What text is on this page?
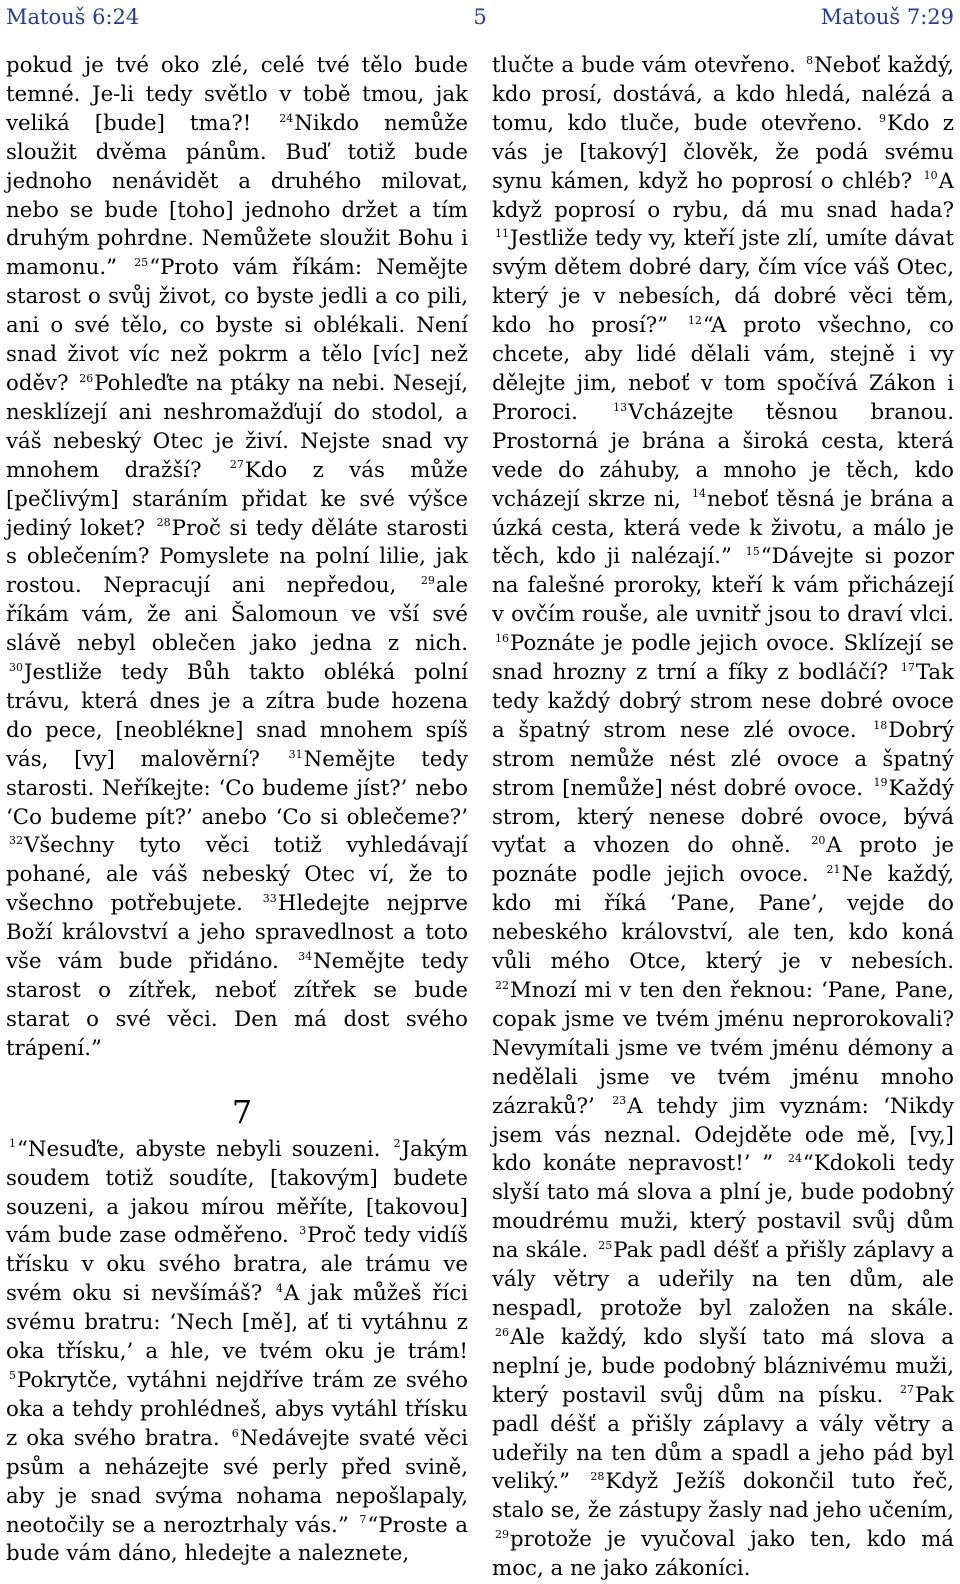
Matouš 6:24	5	Matouš 7:29

pokud je tvé oko zlé, celé tvé tělo bude temné. Je-li tedy světlo v tobě tmou, jak veliká [bude] tma?!	$^{24}$Nikdo nemůže sloužit dvěma pánům. Buď totiž bude jednoho nenávidět a druhého milovat, nebo se bude [toho] jednoho držet a tím druhým pohrdne. Nemůžete sloužit Bohu i mamonu.” $^{25}$“Proto vám říkám: Nemějte starost o svůj život, co byste jedli a co pili, ani o své tělo, co byste si oblékali. Není snad život víc než pokrm a tělo [víc] než oděv? $^{26}$Pohleďte na ptáky na nebi. Nesejí, nesklízejí ani neshromažďují do stodol, a váš nebeský Otec je živí. Nejste snad vy mnohem dražší?	$^{27}$Kdo z vás může [pečlivým] staráním přidat ke své výšce jediný loket? $^{28}$Proč si tedy děláte starosti s oblečením? Pomyslete na polní lilie, jak rostou. Nepracují ani nepředou, $^{29}$ale říkám vám, že ani Šalomoun ve vší své slávě nebyl oblečen jako jedna z nich. $^{30}$Jestliže tedy Bůh takto obléká polní trávu, která dnes je a zítra bude hozena do pece, [neoblékne] snad mnohem spíš vás, [vy] malověrní?	$^{31}$Nemějte tedy starosti. Neříkejte: ‘Co budeme jíst?’ nebo ‘Co budeme pít?’ anebo ‘Co si oblečeme?’ $^{32}$Všechny tyto věci totiž vyhledávají pohané, ale váš nebeský Otec ví, že to všechno potřebujete. $^{33}$Hledejte nejprve Boží království a jeho spravedlnost a toto vše vám bude přidáno. $^{34}$Nemějte tedy starost o zítřek, neboť zítřek se bude starat o své věci. Den má dost svého trápení.”

7

$^1$“Nesuďte, abyste nebyli souzeni. $^2$Jakým soudem totiž soudíte, [takovým] budete souzeni, a jakou mírou měříte, [takovou] vám bude zase odměřeno. $^3$Proč tedy vidíš třísku v oku svého bratra, ale trámu ve svém oku si nevšímáš? $^4$A jak můžeš říci svému bratru: ‘Nech [mě], ať ti vytáhnu z oka třísku,’ a hle, ve tvém oku je trám! $^5$Pokrytče, vytáhni nejdříve trám ze svého oka a tehdy prohlédneš, abys vytáhl třísku z oka svého bratra. $^6$Nedávejte svaté věci psům a neházejte své perly před svině, aby je snad svýma nohama nepošlapaly, neotočily se a neroztrhaly vás.” $^7$“Proste a bude vám dáno, hledejte a naleznete,

tlučte a bude vám otevřeno. $^8$Neboť každý, kdo prosí, dostává, a kdo hledá, nalézá a tomu, kdo tluče, bude otevřeno. $^9$Kdo z vás je [takový] člověk, že podá svému synu kámen, když ho poprosí o chléb? $^{10}$A když poprosí o rybu, dá mu snad hada? $^{11}$Jestliže tedy vy, kteří jste zlí, umíte dávat svým dětem dobré dary, čím více váš Otec, který je v nebesích, dá dobré věci těm, kdo ho prosí?” $^{12}$“A proto všechno, co chcete, aby lidé dělali vám, stejně i vy dělejte jim, neboť v tom spočívá Zákon i Proroci.	$^{13}$Vcházejte těsnou branou. Prostorná je brána a široká cesta, která vede do záhuby, a mnoho je těch, kdo vcházejí skrze ni, $^{14}$neboť těsná je brána a úzká cesta, která vede k životu, a málo je těch, kdo ji nalézají.” $^{15}$“Dávejte si pozor na falešné proroky, kteří k vám přicházejí v ovčím rouše, ale uvnitř jsou to draví vlci. $^{16}$Poznáte je podle jejich ovoce. Sklízejí se snad hrozny z trní a fíky z bodláčí? $^{17}$Tak tedy každý dobrý strom nese dobré ovoce a špatný strom nese zlé ovoce. $^{18}$Dobrý strom nemůže nést zlé ovoce a špatný strom [nemůže] nést dobré ovoce. $^{19}$Každý strom, který nenese dobré ovoce, bývá vyťat a vhozen do ohně. $^{20}$A proto je poznáte podle jejich ovoce. $^{21}$Ne každý, kdo mi říká ‘Pane, Pane’, vejde do nebeského království, ale ten, kdo koná vůli mého Otce, který je v nebesích. $^{22}$Mnozí mi v ten den řeknou: ‘Pane, Pane, copak jsme ve tvém jménu neprorokovali? Nevymítali jsme ve tvém jménu démony a nedělali jsme ve tvém jménu mnoho zázraků?’ $^{23}$A tehdy jim vyznám: ‘Nikdy jsem vás neznal. Odejděte ode mě, [vy,] kdo konáte nepravost!’ ” $^{24}$“Kdokoli tedy slyší tato má slova a plní je, bude podobný moudrému muži, který postavil svůj dům na skále. $^{25}$Pak padl déšť a přišly záplavy a vály větry a udeřily na ten dům, ale nespadl, protože byl založen na skále. $^{26}$Ale každý, kdo slyší tato má slova a neplní je, bude podobný bláznivému muži, který postavil svůj dům na písku. $^{27}$Pak padl déšť a přišly záplavy a vály větry a udeřily na ten dům a spadl a jeho pád byl veliký.” $^{28}$Když Ježíš dokončil tuto řeč, stalo se, že zástupy žasly nad jeho učením, $^{29}$protože je vyučoval jako ten, kdo má moc, a ne jako zákoníci.
